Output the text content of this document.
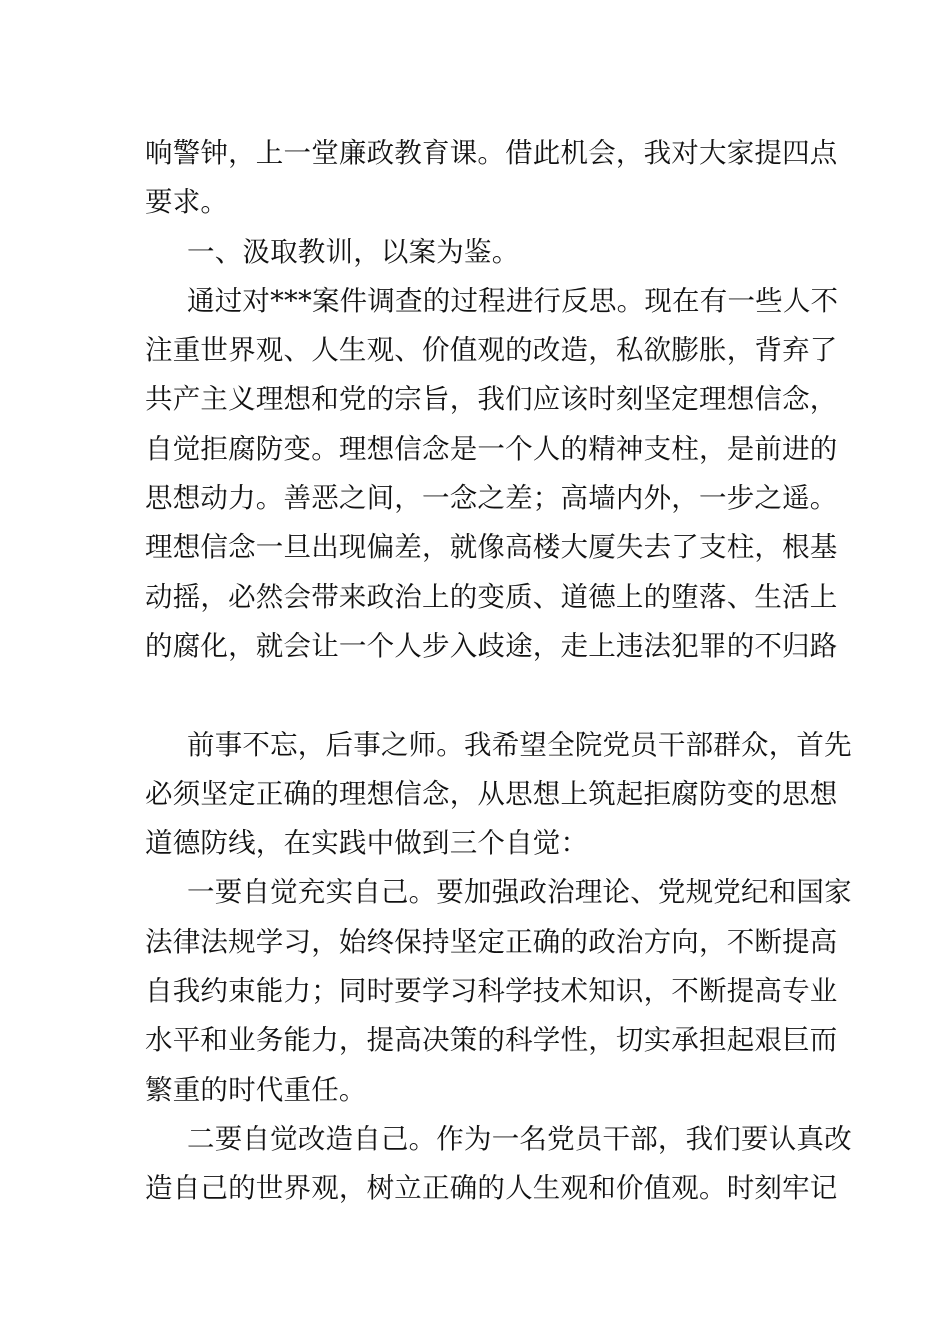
响警钟，上一堂廉政教育课。借此机会，我对大家提四点
要求。
一、汲取教训，以案为鉴。
通过对***案件调查的过程进行反思。现在有一些人不
注重世界观、人生观、价值观的改造，私欲膨胀，背弃了
共产主义理想和党的宗旨，我们应该时刻坚定理想信念，
自觉拒腐防变。理想信念是一个人的精神支柱，是前进的
思想动力。善恶之间，一念之差；高墙内外，一步之遥。
理想信念一旦出现偏差，就像高楼大厦失去了支柱，根基
动摇，必然会带来政治上的变质、道德上的堕落、生活上
的腐化，就会让一个人步入歧途，走上违法犯罪的不归路
前事不忘，后事之师。我希望全院党员干部群众，首先
必须坚定正确的理想信念，从思想上筑起拒腐防变的思想
道德防线，在实践中做到三个自觉：
一要自觉充实自己。要加强政治理论、党规党纪和国家
法律法规学习，始终保持坚定正确的政治方向，不断提高
自我约束能力；同时要学习科学技术知识，不断提高专业
水平和业务能力，提高决策的科学性，切实承担起艰巨而
繁重的时代重任。
二要自觉改造自己。作为一名党员干部，我们要认真改
造自己的世界观，树立正确的人生观和价值观。时刻牢记
